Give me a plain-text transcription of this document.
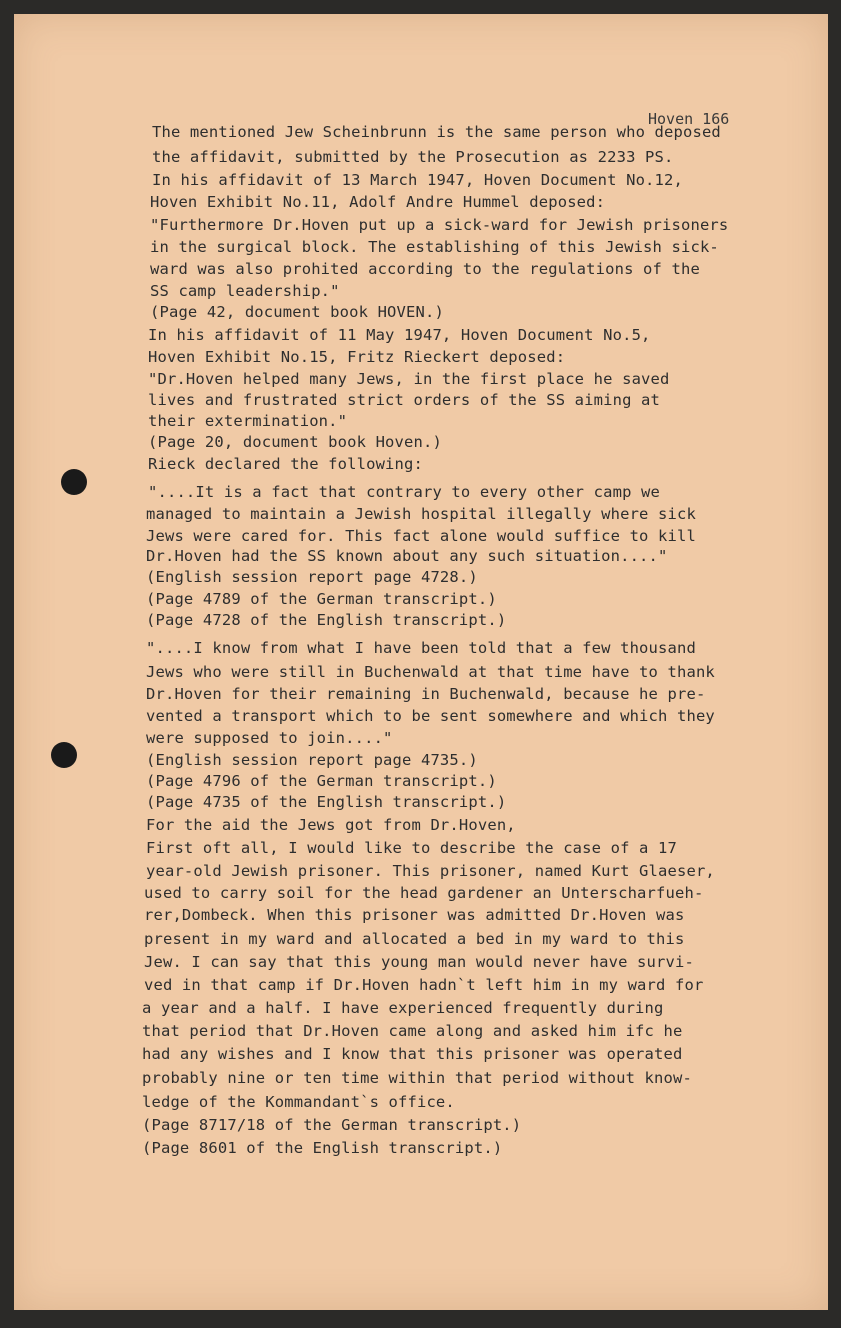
Hoven 166
The mentioned Jew Scheinbrunn is the same person who deposed
the affidavit, submitted by the Prosecution as 2233 PS.
In his affidavit of 13 March 1947, Hoven Document No.12,
Hoven Exhibit No.11, Adolf Andre Hummel deposed:
"Furthermore Dr.Hoven put up a sick-ward for Jewish prisoners
in the surgical block. The establishing of this Jewish sick-
ward was also prohited according to the regulations of the
SS camp leadership."
(Page 42, document book HOVEN.)
In his affidavit of 11 May 1947, Hoven Document No.5,
Hoven Exhibit No.15, Fritz Rieckert deposed:
"Dr.Hoven helped many Jews, in the first place he saved
lives and frustrated strict orders of the SS aiming at
their extermination."
(Page 20, document book Hoven.)
Rieck declared the following:
"....It is a fact that contrary to every other camp we
managed to maintain a Jewish hospital illegally where sick
Jews were cared for. This fact alone would suffice to kill
Dr.Hoven had the SS known about any such situation...."
(English session report page 4728.)
(Page 4789 of the German transcript.)
(Page 4728 of the English transcript.)
"....I know from what I have been told that a few thousand
Jews who were still in Buchenwald at that time have to thank
Dr.Hoven for their remaining in Buchenwald, because he pre-
vented a transport which to be sent somewhere and which they
were supposed to join...."
(English session report page 4735.)
(Page 4796 of the German transcript.)
(Page 4735 of the English transcript.)
For the aid the Jews got from Dr.Hoven,
First oft all, I would like to describe the case of a 17
year-old Jewish prisoner. This prisoner, named Kurt Glaeser,
used to carry soil for the head gardener an Unterscharfueh-
rer,Dombeck. When this prisoner was admitted Dr.Hoven was
present in my ward and allocated a bed in my ward to this
Jew. I can say that this young man would never have survi-
ved in that camp if Dr.Hoven hadn`t left him in my ward for
a year and a half. I have experienced frequently during
that period that Dr.Hoven came along and asked him ifc he
had any wishes and I know that this prisoner was operated
probably nine or ten time within that period without know-
ledge of the Kommandant`s office.
(Page 8717/18 of the German transcript.)
(Page 8601 of the English transcript.)
